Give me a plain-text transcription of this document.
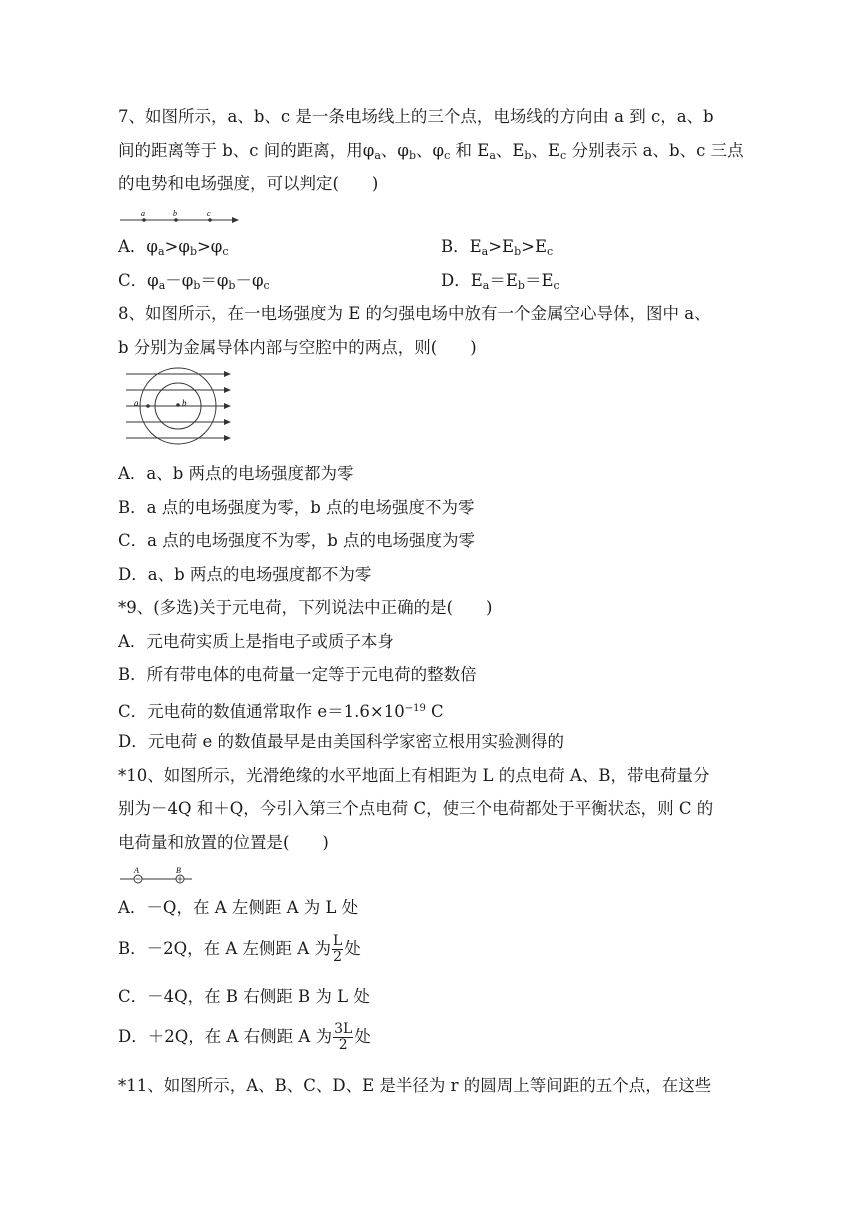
7、如图所示，a、b、c 是一条电场线上的三个点，电场线的方向由 a 到 c，a、b
间的距离等于 b、c 间的距离，用$\varphi_a$、$\varphi_b$、$\varphi_c$ 和 $E_a$、$E_b$、$E_c$ 分别表示 a、b、c 三点
的电势和电场强度，可以判定(　　)
a	b	c
A．$\varphi_a>\varphi_b>\varphi_c$	B．$E_a>E_b>E_c$
C．$\varphi_a-\varphi_b=\varphi_b-\varphi_c$	D．$E_a=E_b=E_c$
8、如图所示，在一电场强度为 E 的匀强电场中放有一个金属空心导体，图中 a、
b 分别为金属导体内部与空腔中的两点，则(　　)
a	b
A．a、b 两点的电场强度都为零
B．a 点的电场强度为零，b 点的电场强度不为零
C．a 点的电场强度不为零，b 点的电场强度为零
D．a、b 两点的电场强度都不为零
*9、(多选)关于元电荷，下列说法中正确的是(　　)
A．元电荷实质上是指电子或质子本身
B．所有带电体的电荷量一定等于元电荷的整数倍
C．元电荷的数值通常取作 $e=1.6\times 10^{-19}$ C
D．元电荷 e 的数值最早是由美国科学家密立根用实验测得的
*10、如图所示，光滑绝缘的水平地面上有相距为 L 的点电荷 A、B，带电荷量分
别为－4Q 和＋Q，今引入第三个点电荷 C，使三个电荷都处于平衡状态，则 C 的
电荷量和放置的位置是(　　)
A	B
A．－Q，在 A 左侧距 A 为 L 处
B．－2Q，在 A 左侧距 A 为 $\frac{L}{2}$ 处
C．－4Q，在 B 右侧距 B 为 L 处
D．＋2Q，在 A 右侧距 A 为 $\frac{3L}{2}$ 处
*11、如图所示，A、B、C、D、E 是半径为 r 的圆周上等间距的五个点，在这些
